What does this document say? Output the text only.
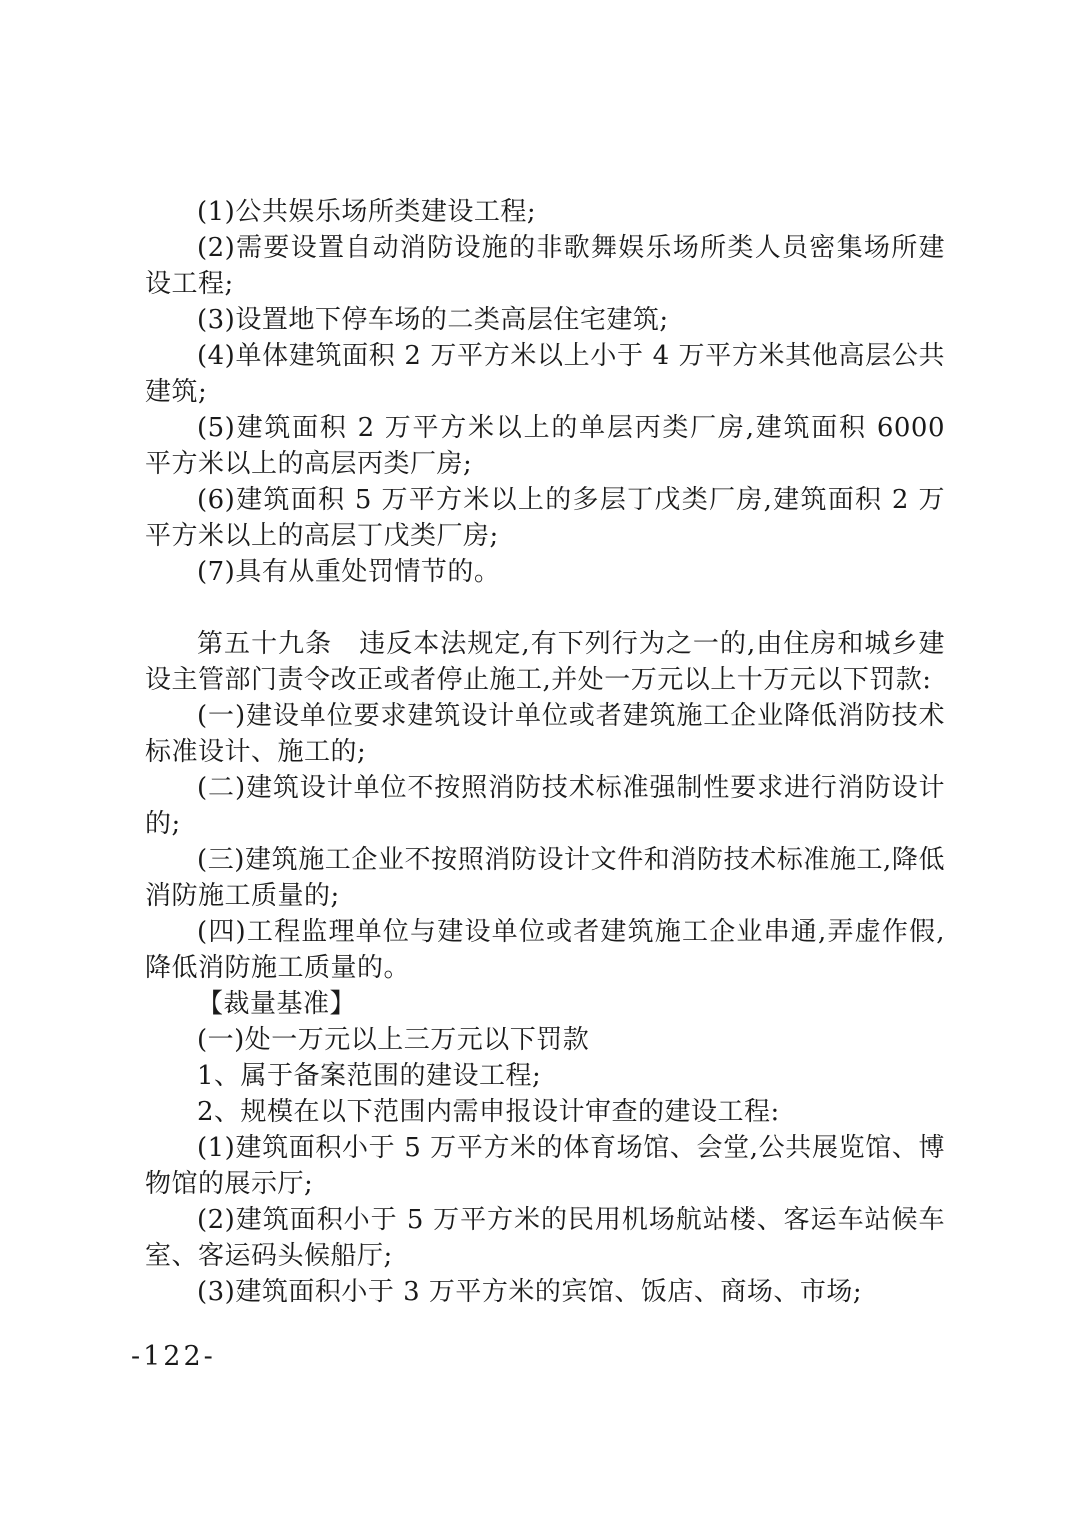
(1)公共娱乐场所类建设工程;

(2)需要设置自动消防设施的非歌舞娱乐场所类人员密集场所建设工程;

(3)设置地下停车场的二类高层住宅建筑;

(4)单体建筑面积 2 万平方米以上小于 4 万平方米其他高层公共建筑;

(5)建筑面积 2 万平方米以上的单层丙类厂房,建筑面积 6000 平方米以上的高层丙类厂房;

(6)建筑面积 5 万平方米以上的多层丁戊类厂房,建筑面积 2 万平方米以上的高层丁戊类厂房;

(7)具有从重处罚情节的。

第五十九条　违反本法规定,有下列行为之一的,由住房和城乡建设主管部门责令改正或者停止施工,并处一万元以上十万元以下罚款:

(一)建设单位要求建筑设计单位或者建筑施工企业降低消防技术标准设计、施工的;

(二)建筑设计单位不按照消防技术标准强制性要求进行消防设计的;

(三)建筑施工企业不按照消防设计文件和消防技术标准施工,降低消防施工质量的;

(四)工程监理单位与建设单位或者建筑施工企业串通,弄虚作假,降低消防施工质量的。

【裁量基准】

(一)处一万元以上三万元以下罚款

1、属于备案范围的建设工程;

2、规模在以下范围内需申报设计审查的建设工程:

(1)建筑面积小于 5 万平方米的体育场馆、会堂,公共展览馆、博物馆的展示厅;

(2)建筑面积小于 5 万平方米的民用机场航站楼、客运车站候车室、客运码头候船厅;

(3)建筑面积小于 3 万平方米的宾馆、饭店、商场、市场;

-122-
